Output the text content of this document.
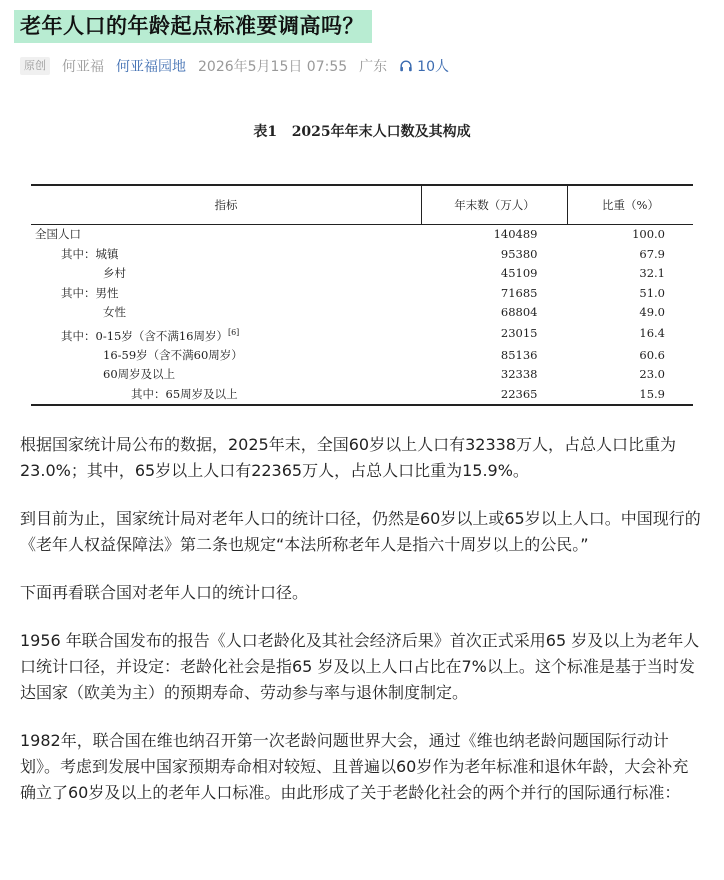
老年人口的年龄起点标准要调高吗？
原创 何亚福 何亚福园地 2026年5月15日 07:55 广东 10人
表1   2025年年末人口数及其构成
指标	年末数（万人）	比重（%）
全国人口	140489	100.0
其中：城镇	95380	67.9
乡村	45109	32.1
其中：男性	71685	51.0
女性	68804	49.0
其中：0-15岁（含不满16周岁）[6]	23015	16.4
16-59岁（含不满60周岁）	85136	60.6
60周岁及以上	32338	23.0
其中：65周岁及以上	22365	15.9

根据国家统计局公布的数据，2025年末，全国60岁以上人口有32338万人，占总人口比重为23.0%；其中，65岁以上人口有22365万人，占总人口比重为15.9%。

到目前为止，国家统计局对老年人口的统计口径，仍然是60岁以上或65岁以上人口。中国现行的《老年人权益保障法》第二条也规定“本法所称老年人是指六十周岁以上的公民。”

下面再看联合国对老年人口的统计口径。

1956 年联合国发布的报告《人口老龄化及其社会经济后果》首次正式采用65 岁及以上为老年人口统计口径，并设定：老龄化社会是指65 岁及以上人口占比在7%以上。这个标准是基于当时发达国家（欧美为主）的预期寿命、劳动参与率与退休制度制定。

1982年，联合国在维也纳召开第一次老龄问题世界大会，通过《维也纳老龄问题国际行动计划》。考虑到发展中国家预期寿命相对较短、且普遍以60岁作为老年标准和退休年龄，大会补充确立了60岁及以上的老年人口标准。由此形成了关于老龄化社会的两个并行的国际通行标准：
